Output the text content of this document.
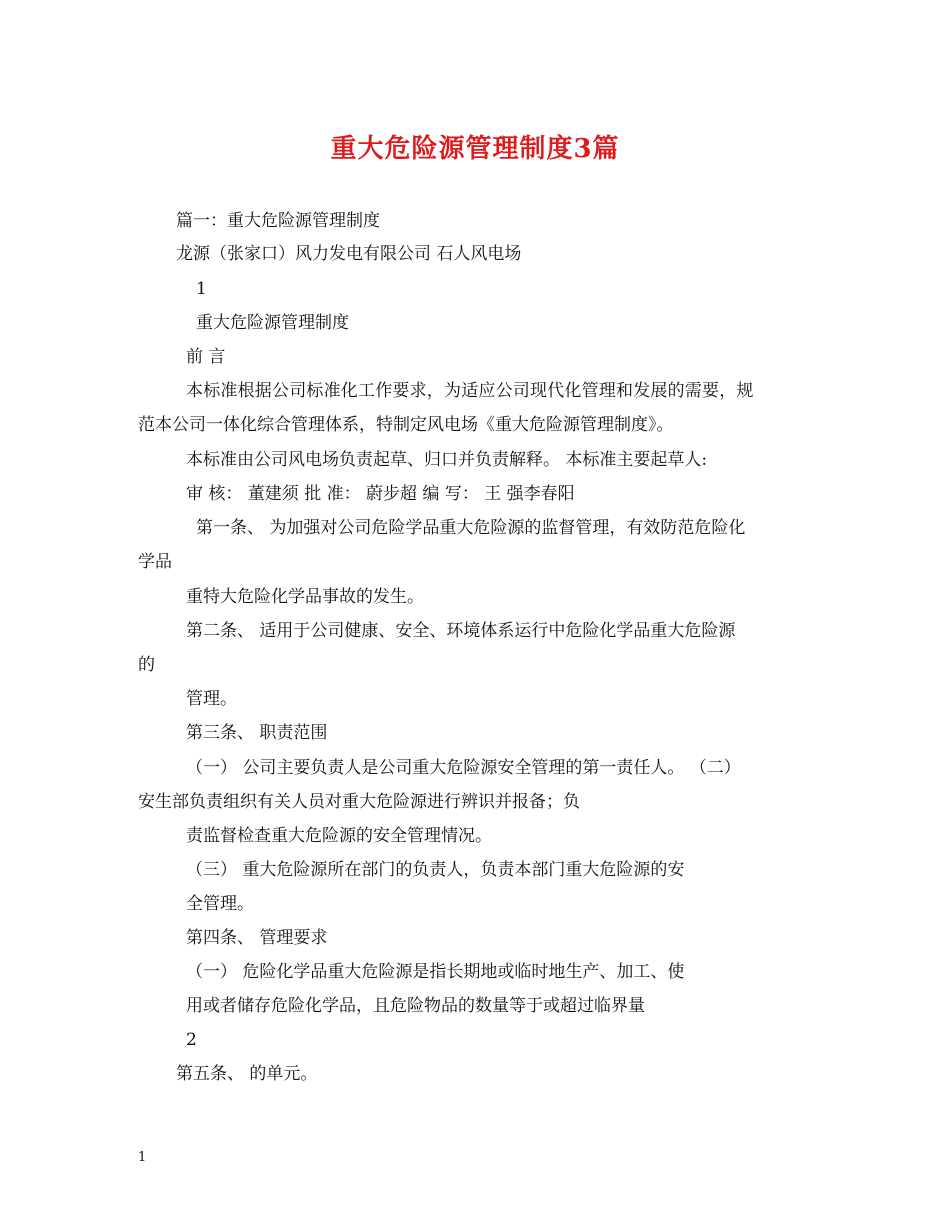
重大危险源管理制度3篇
篇一：重大危险源管理制度
龙源（张家口）风力发电有限公司 石人风电场
1
重大危险源管理制度
前 言
本标准根据公司标准化工作要求，为适应公司现代化管理和发展的需要，规
范本公司一体化综合管理体系，特制定风电场《重大危险源管理制度》。
本标准由公司风电场负责起草、归口并负责解释。 本标准主要起草人:
审 核： 董建须 批 准： 蔚步超 编 写： 王 强李春阳
第一条、 为加强对公司危险学品重大危险源的监督管理，有效防范危险化
学品
重特大危险化学品事故的发生。
第二条、 适用于公司健康、安全、环境体系运行中危险化学品重大危险源
的
管理。
第三条、 职责范围
（一） 公司主要负责人是公司重大危险源安全管理的第一责任人。 （二）
安生部负责组织有关人员对重大危险源进行辨识并报备；负
责监督检查重大危险源的安全管理情况。
（三） 重大危险源所在部门的负责人，负责本部门重大危险源的安
全管理。
第四条、 管理要求
（一） 危险化学品重大危险源是指长期地或临时地生产、加工、使
用或者储存危险化学品，且危险物品的数量等于或超过临界量
2
第五条、 的单元。
1
